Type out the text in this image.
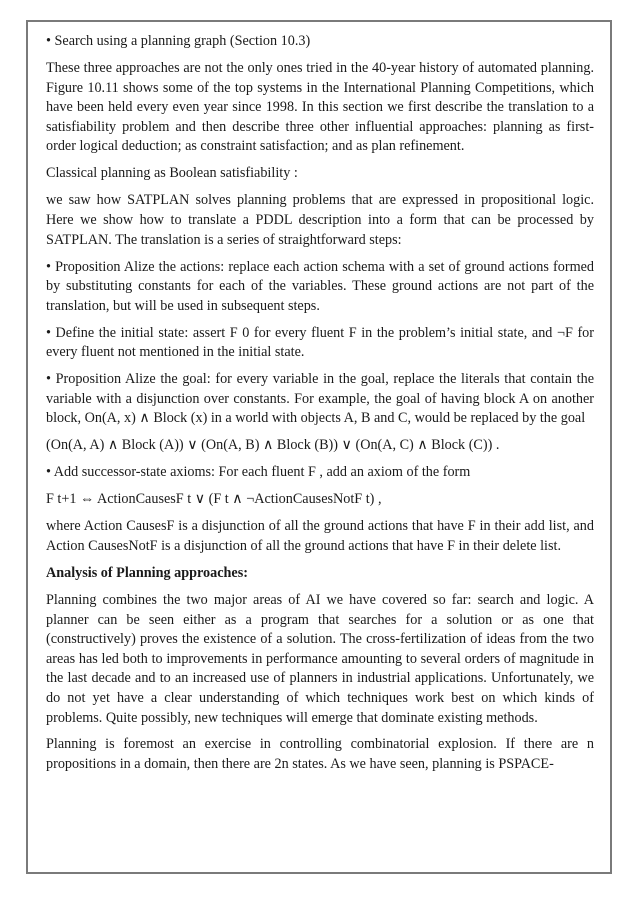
• Search using a planning graph (Section 10.3)

These three approaches are not the only ones tried in the 40-year history of automated planning. Figure 10.11 shows some of the top systems in the International Planning Competitions, which have been held every even year since 1998. In this section we first describe the translation to a satisfiability problem and then describe three other influential approaches: planning as first-order logical deduction; as constraint satisfaction; and as plan refinement.

Classical planning as Boolean satisfiability :

we saw how SATPLAN solves planning problems that are expressed in propositional logic. Here we show how to translate a PDDL description into a form that can be processed by SATPLAN. The translation is a series of straightforward steps:

• Proposition Alize the actions: replace each action schema with a set of ground actions formed by substituting constants for each of the variables. These ground actions are not part of the translation, but will be used in subsequent steps.

• Define the initial state: assert F 0 for every fluent F in the problem’s initial state, and ¬F for every fluent not mentioned in the initial state.

• Proposition Alize the goal: for every variable in the goal, replace the literals that contain the variable with a disjunction over constants. For example, the goal of having block A on another block, On(A, x) ∧ Block (x) in a world with objects A, B and C, would be replaced by the goal

(On(A, A) ∧ Block (A)) ∨ (On(A, B) ∧ Block (B)) ∨ (On(A, C) ∧ Block (C)) .

• Add successor-state axioms: For each fluent F , add an axiom of the form

F t+1 ⇔ ActionCausesF t ∨ (F t ∧ ¬ActionCausesNotF t) ,

where Action CausesF is a disjunction of all the ground actions that have F in their add list, and Action CausesNotF is a disjunction of all the ground actions that have F in their delete list.

Analysis of Planning approaches:

Planning combines the two major areas of AI we have covered so far: search and logic. A planner can be seen either as a program that searches for a solution or as one that (constructively) proves the existence of a solution. The cross-fertilization of ideas from the two areas has led both to improvements in performance amounting to several orders of magnitude in the last decade and to an increased use of planners in industrial applications. Unfortunately, we do not yet have a clear understanding of which techniques work best on which kinds of problems. Quite possibly, new techniques will emerge that dominate existing methods.

Planning is foremost an exercise in controlling combinatorial explosion. If there are n propositions in a domain, then there are 2n states. As we have seen, planning is PSPACE-
